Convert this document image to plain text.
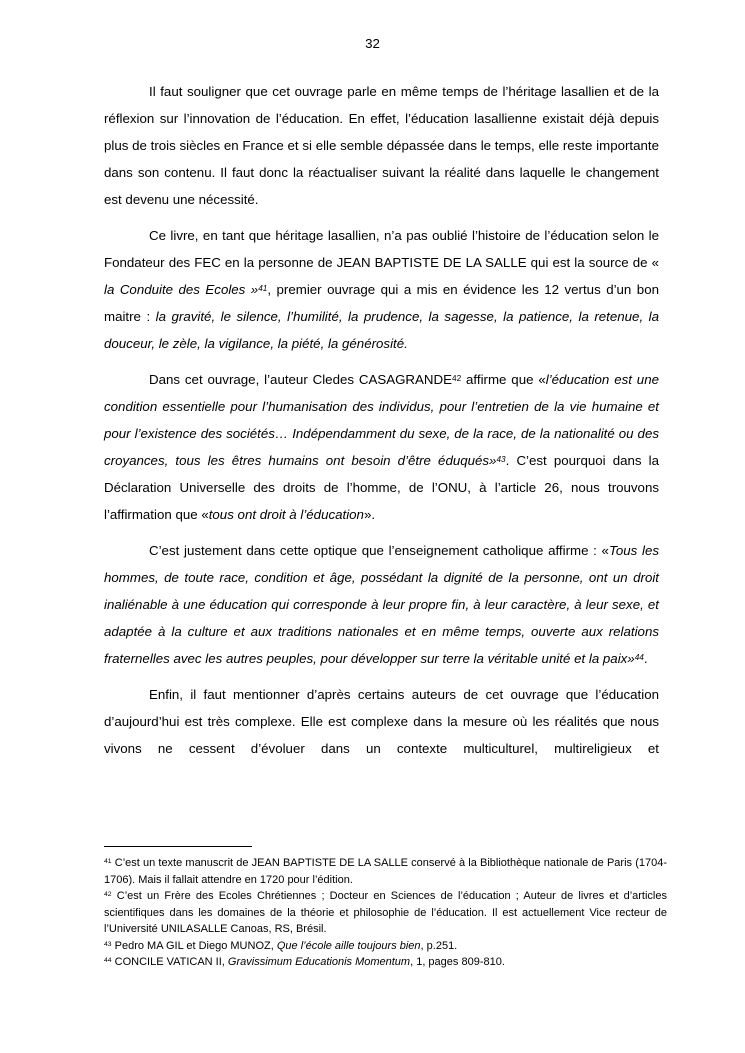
32

Il faut souligner que cet ouvrage parle en même temps de l’héritage lasallien et de la réflexion sur l’innovation de l’éducation. En effet, l’éducation lasallienne existait déjà depuis plus de trois siècles en France et si elle semble dépassée dans le temps, elle reste importante dans son contenu. Il faut donc la réactualiser suivant la réalité dans laquelle le changement est devenu une nécessité.

Ce livre, en tant que héritage lasallien, n’a pas oublié l’histoire de l’éducation selon le Fondateur des FEC en la personne de JEAN BAPTISTE DE LA SALLE qui est la source de « la Conduite des Ecoles »$^{41}$, premier ouvrage qui a mis en évidence les 12 vertus d’un bon maitre : la gravité, le silence, l’humilité, la prudence, la sagesse, la patience, la retenue, la douceur, le zèle, la vigilance, la piété, la générosité.

Dans cet ouvrage, l’auteur Cledes CASAGRANDE$^{42}$ affirme que «l’éducation est une condition essentielle pour l’humanisation des individus, pour l’entretien de la vie humaine et pour l’existence des sociétés… Indépendamment du sexe, de la race, de la nationalité ou des croyances, tous les êtres humains ont besoin d’être éduqués»$^{43}$. C’est pourquoi dans la Déclaration Universelle des droits de l’homme, de l’ONU, à l’article 26, nous trouvons l’affirmation que «tous ont droit à l’éducation».

C’est justement dans cette optique que l’enseignement catholique affirme : «Tous les hommes, de toute race, condition et âge, possédant la dignité de la personne, ont un droit inaliénable à une éducation qui corresponde à leur propre fin, à leur caractère, à leur sexe, et adaptée à la culture et aux traditions nationales et en même temps, ouverte aux relations fraternelles avec les autres peuples, pour développer sur terre la véritable unité et la paix»$^{44}$.

Enfin, il faut mentionner d’après certains auteurs de cet ouvrage que l’éducation d’aujourd’hui est très complexe. Elle est complexe dans la mesure où les réalités que nous vivons ne cessent d’évoluer dans un contexte multiculturel, multireligieux et

$^{41}$ C’est un texte manuscrit de JEAN BAPTISTE DE LA SALLE conservé à la Bibliothèque nationale de Paris (1704-1706). Mais il fallait attendre en 1720 pour l’édition.
$^{42}$ C’est un Frère des Ecoles Chrétiennes ; Docteur en Sciences de l’éducation ; Auteur de livres et d’articles scientifiques dans les domaines de la théorie et philosophie de l’éducation. Il est actuellement Vice recteur de l’Université UNILASALLE Canoas, RS, Brésil.
$^{43}$ Pedro MA GIL et Diego MUNOZ, Que l’école aille toujours bien, p.251.
$^{44}$ CONCILE VATICAN II, Gravissimum Educationis Momentum, 1, pages 809-810.
